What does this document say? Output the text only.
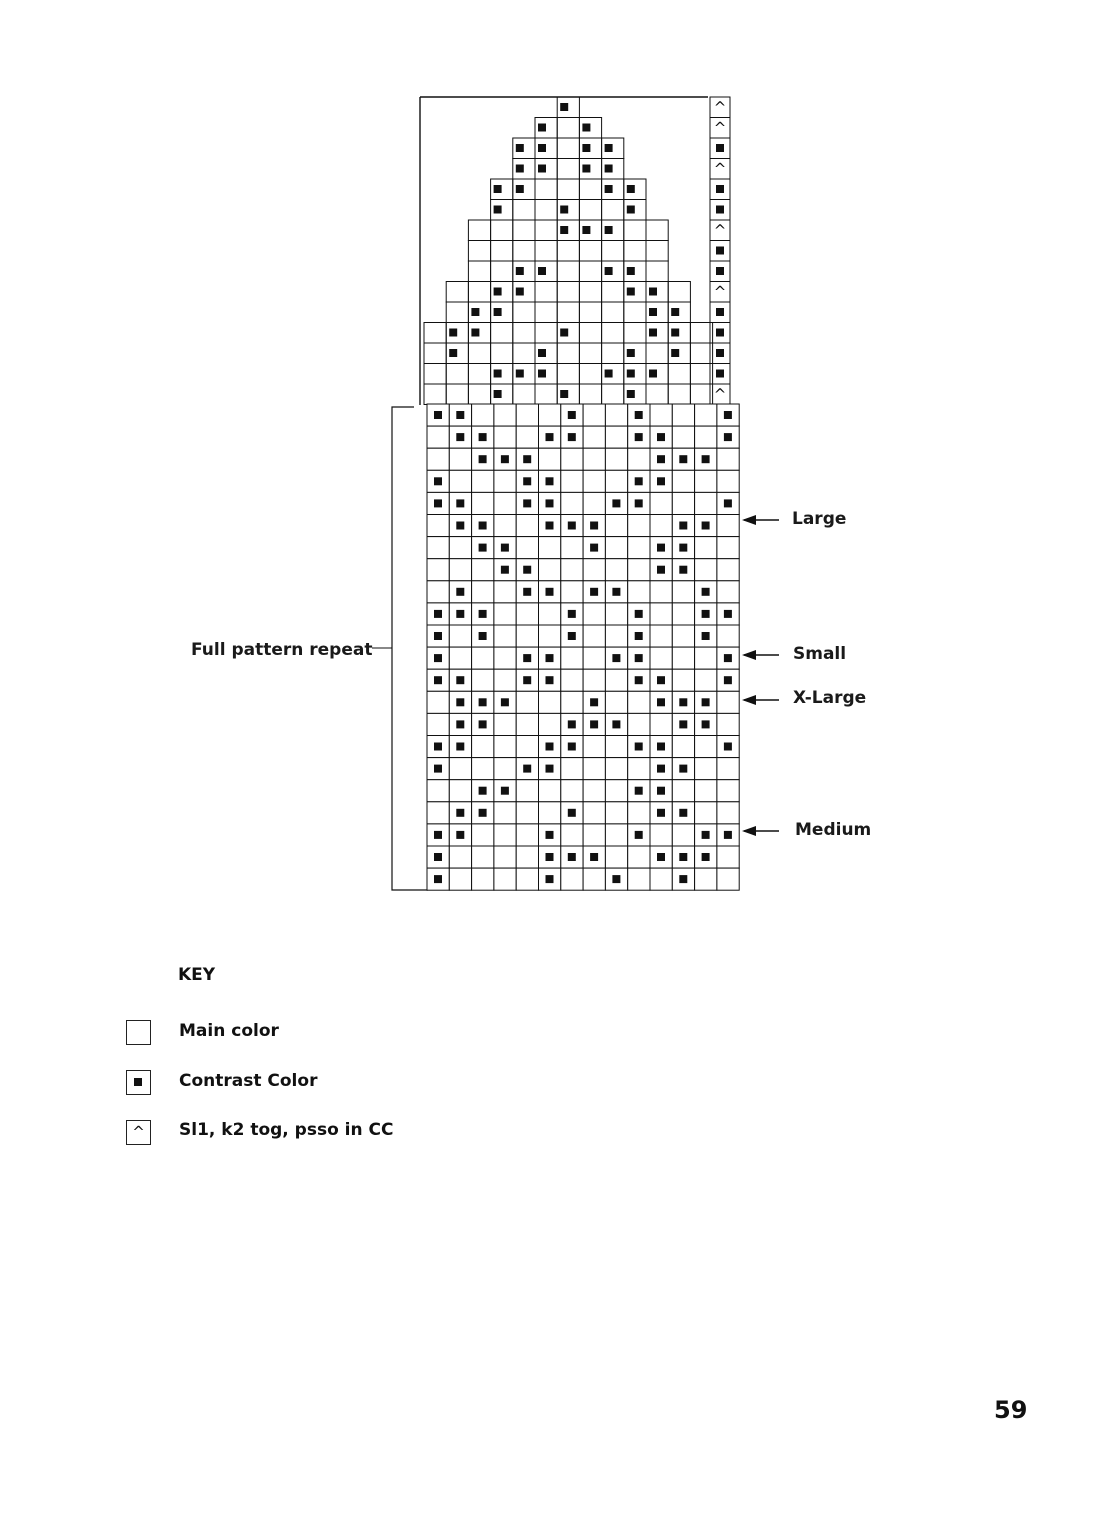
^
^
^
^
^
^
Full pattern repeat
Large
Small
X-Large
Medium
KEY
Main color
Contrast Color
^	Sl1, k2 tog, psso in CC
59
